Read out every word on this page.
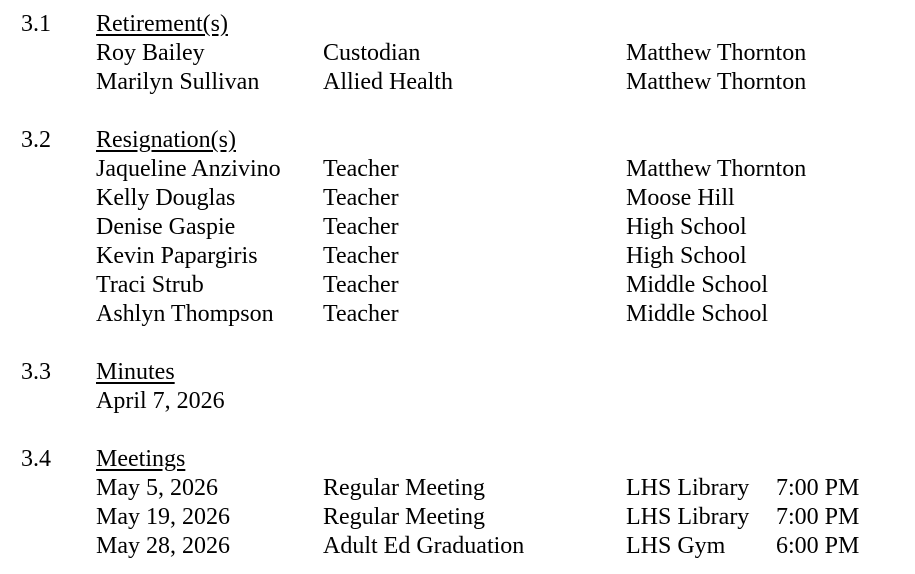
3.1 Retirement(s)
Roy Bailey	Custodian	Matthew Thornton
Marilyn Sullivan	Allied Health	Matthew Thornton
3.2 Resignation(s)
Jaqueline Anzivino Teacher	Matthew Thornton
Kelly Douglas	Teacher	Moose Hill
Denise Gaspie	Teacher	High School
Kevin Papargiris	Teacher	High School
Traci Strub	Teacher	Middle School
Ashlyn Thompson Teacher	Middle School
3.3 Minutes
April 7, 2026
3.4 Meetings
May 5, 2026	Regular Meeting	LHS Library 7:00 PM
May 19, 2026	Regular Meeting	LHS Library 7:00 PM
May 28, 2026	Adult Ed Graduation	LHS Gym 6:00 PM
